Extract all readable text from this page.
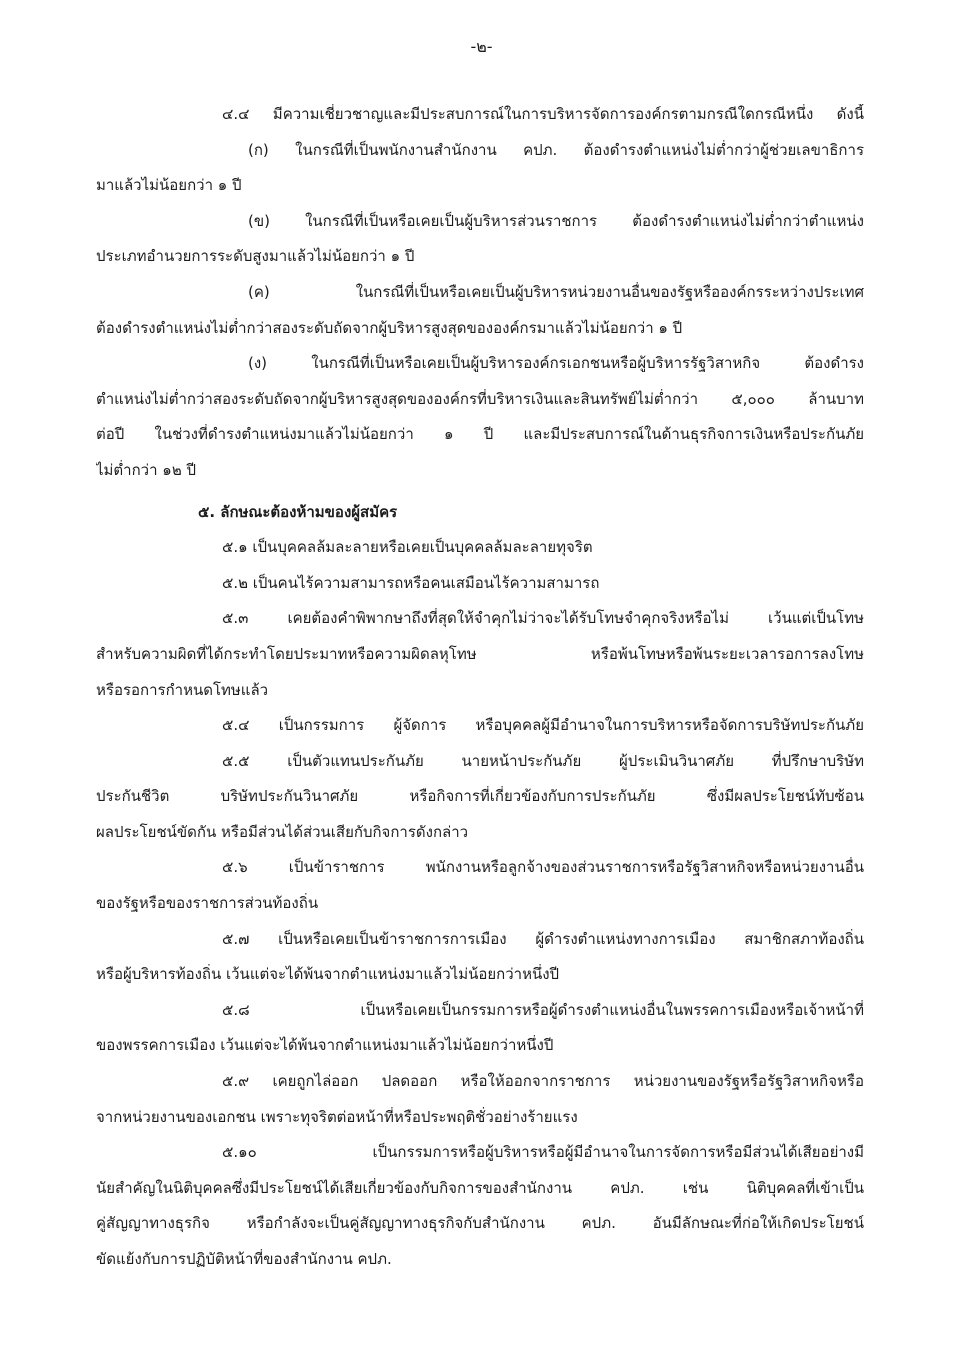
-๒-
๔.๔ มีความเชี่ยวชาญและมีประสบการณ์ในการบริหารจัดการองค์กรตามกรณีใดกรณีหนึ่ง ดังนี้
(ก) ในกรณีที่เป็นพนักงานสำนักงาน คปภ. ต้องดำรงตำแหน่งไม่ต่ำกว่าผู้ช่วยเลขาธิการ
มาแล้วไม่น้อยกว่า ๑ ปี
(ข) ในกรณีที่เป็นหรือเคยเป็นผู้บริหารส่วนราชการ ต้องดำรงตำแหน่งไม่ต่ำกว่าตำแหน่ง
ประเภทอำนวยการระดับสูงมาแล้วไม่น้อยกว่า ๑ ปี
(ค) ในกรณีที่เป็นหรือเคยเป็นผู้บริหารหน่วยงานอื่นของรัฐหรือองค์กรระหว่างประเทศ
ต้องดำรงตำแหน่งไม่ต่ำกว่าสองระดับถัดจากผู้บริหารสูงสุดขององค์กรมาแล้วไม่น้อยกว่า ๑ ปี
(ง) ในกรณีที่เป็นหรือเคยเป็นผู้บริหารองค์กรเอกชนหรือผู้บริหารรัฐวิสาหกิจ ต้องดำรง
ตำแหน่งไม่ต่ำกว่าสองระดับถัดจากผู้บริหารสูงสุดขององค์กรที่บริหารเงินและสินทรัพย์ไม่ต่ำกว่า ๕,๐๐๐ ล้านบาท
ต่อปี ในช่วงที่ดำรงตำแหน่งมาแล้วไม่น้อยกว่า ๑ ปี และมีประสบการณ์ในด้านธุรกิจการเงินหรือประกันภัย
ไม่ต่ำกว่า ๑๒ ปี
๕. ลักษณะต้องห้ามของผู้สมัคร
๕.๑ เป็นบุคคลล้มละลายหรือเคยเป็นบุคคลล้มละลายทุจริต
๕.๒ เป็นคนไร้ความสามารถหรือคนเสมือนไร้ความสามารถ
๕.๓ เคยต้องคำพิพากษาถึงที่สุดให้จำคุกไม่ว่าจะได้รับโทษจำคุกจริงหรือไม่ เว้นแต่เป็นโทษ
สำหรับความผิดที่ได้กระทำโดยประมาทหรือความผิดลหุโทษ หรือพ้นโทษหรือพ้นระยะเวลารอการลงโทษ
หรือรอการกำหนดโทษแล้ว
๕.๔ เป็นกรรมการ ผู้จัดการ หรือบุคคลผู้มีอำนาจในการบริหารหรือจัดการบริษัทประกันภัย
๕.๕ เป็นตัวแทนประกันภัย นายหน้าประกันภัย ผู้ประเมินวินาศภัย ที่ปรึกษาบริษัท
ประกันชีวิต บริษัทประกันวินาศภัย หรือกิจการที่เกี่ยวข้องกับการประกันภัย ซึ่งมีผลประโยชน์ทับซ้อน
ผลประโยชน์ขัดกัน หรือมีส่วนได้ส่วนเสียกับกิจการดังกล่าว
๕.๖ เป็นข้าราชการ พนักงานหรือลูกจ้างของส่วนราชการหรือรัฐวิสาหกิจหรือหน่วยงานอื่น
ของรัฐหรือของราชการส่วนท้องถิ่น
๕.๗ เป็นหรือเคยเป็นข้าราชการการเมือง ผู้ดำรงตำแหน่งทางการเมือง สมาชิกสภาท้องถิ่น
หรือผู้บริหารท้องถิ่น เว้นแต่จะได้พ้นจากตำแหน่งมาแล้วไม่น้อยกว่าหนึ่งปี
๕.๘ เป็นหรือเคยเป็นกรรมการหรือผู้ดำรงตำแหน่งอื่นในพรรคการเมืองหรือเจ้าหน้าที่
ของพรรคการเมือง เว้นแต่จะได้พ้นจากตำแหน่งมาแล้วไม่น้อยกว่าหนึ่งปี
๕.๙ เคยถูกไล่ออก ปลดออก หรือให้ออกจากราชการ หน่วยงานของรัฐหรือรัฐวิสาหกิจหรือ
จากหน่วยงานของเอกชน เพราะทุจริตต่อหน้าที่หรือประพฤติชั่วอย่างร้ายแรง
๕.๑๐ เป็นกรรมการหรือผู้บริหารหรือผู้มีอำนาจในการจัดการหรือมีส่วนได้เสียอย่างมี
นัยสำคัญในนิติบุคคลซึ่งมีประโยชน์ได้เสียเกี่ยวข้องกับกิจการของสำนักงาน คปภ. เช่น นิติบุคคลที่เข้าเป็น
คู่สัญญาทางธุรกิจ หรือกำลังจะเป็นคู่สัญญาทางธุรกิจกับสำนักงาน คปภ. อันมีลักษณะที่ก่อให้เกิดประโยชน์
ขัดแย้งกับการปฏิบัติหน้าที่ของสำนักงาน คปภ.
